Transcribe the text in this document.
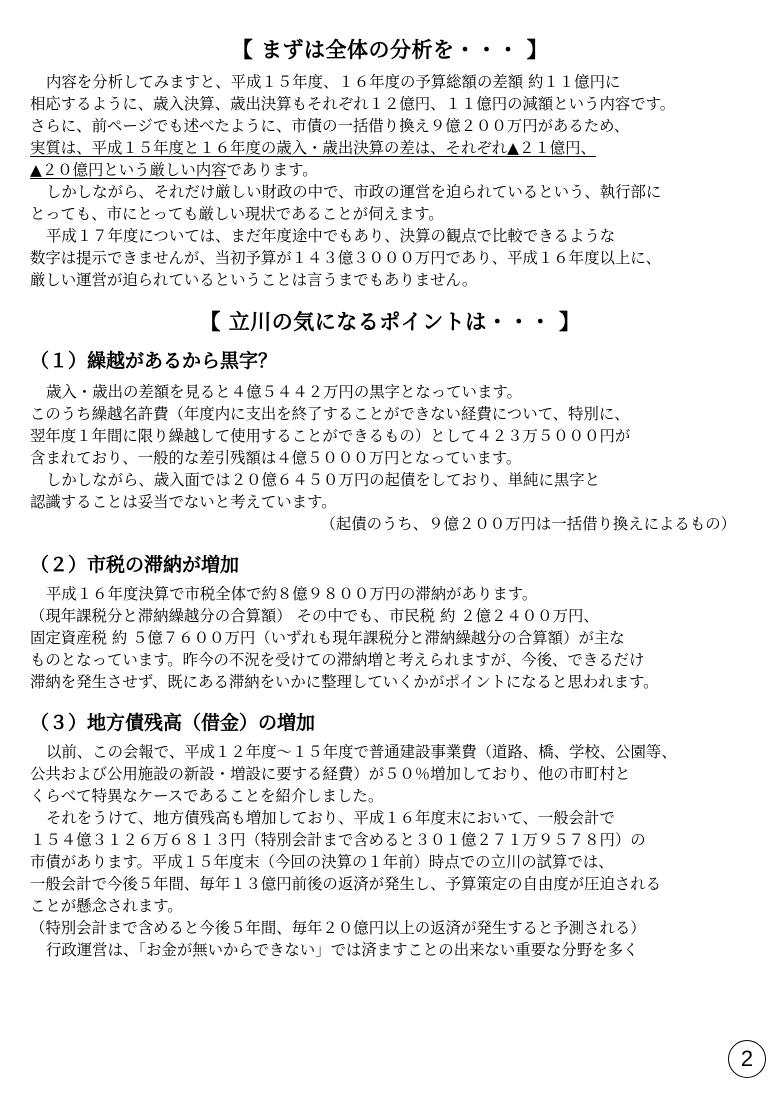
【 まずは全体の分析を・・・ 】
内容を分析してみますと、平成１５年度、１６年度の予算総額の差額 約１１億円に
相応するように、歳入決算、歳出決算もそれぞれ１２億円、１１億円の減額という内容です。
さらに、前ページでも述べたように、市債の一括借り換え９億２００万円があるため、
実質は、平成１５年度と１６年度の歳入・歳出決算の差は、それぞれ▲２１億円、
▲２０億円という厳しい内容であります。
しかしながら、それだけ厳しい財政の中で、市政の運営を迫られているという、執行部に
とっても、市にとっても厳しい現状であることが伺えます。
平成１７年度については、まだ年度途中でもあり、決算の観点で比較できるような
数字は提示できませんが、当初予算が１４３億３０００万円であり、平成１６年度以上に、
厳しい運営が迫られているということは言うまでもありません。
【 立川の気になるポイントは・・・ 】
（１）繰越があるから黒字？
歳入・歳出の差額を見ると４億５４４２万円の黒字となっています。
このうち繰越名許費（年度内に支出を終了することができない経費について、特別に、
翌年度１年間に限り繰越して使用することができるもの）として４２３万５０００円が
含まれており、一般的な差引残額は４億５０００万円となっています。
しかしながら、歳入面では２０億６４５０万円の起債をしており、単純に黒字と
認識することは妥当でないと考えています。
（起債のうち、９億２００万円は一括借り換えによるもの）
（２）市税の滞納が増加
平成１６年度決算で市税全体で約８億９８００万円の滞納があります。
（現年課税分と滞納繰越分の合算額） その中でも、市民税 約 ２億２４００万円、
固定資産税 約 ５億７６００万円（いずれも現年課税分と滞納繰越分の合算額）が主な
ものとなっています。昨今の不況を受けての滞納増と考えられますが、今後、できるだけ
滞納を発生させず、既にある滞納をいかに整理していくかがポイントになると思われます。
（３）地方債残高（借金）の増加
以前、この会報で、平成１２年度～１５年度で普通建設事業費（道路、橋、学校、公園等、
公共および公用施設の新設・増設に要する経費）が５０％増加しており、他の市町村と
くらべて特異なケースであることを紹介しました。
それをうけて、地方債残高も増加しており、平成１６年度末において、一般会計で
１５４億３１２６万６８１３円（特別会計まで含めると３０１億２７１万９５７８円）の
市債があります。平成１５年度末（今回の決算の１年前）時点での立川の試算では、
一般会計で今後５年間、毎年１３億円前後の返済が発生し、予算策定の自由度が圧迫される
ことが懸念されます。
（特別会計まで含めると今後５年間、毎年２０億円以上の返済が発生すると予測される）
行政運営は、「お金が無いからできない」では済ますことの出来ない重要な分野を多く
2
